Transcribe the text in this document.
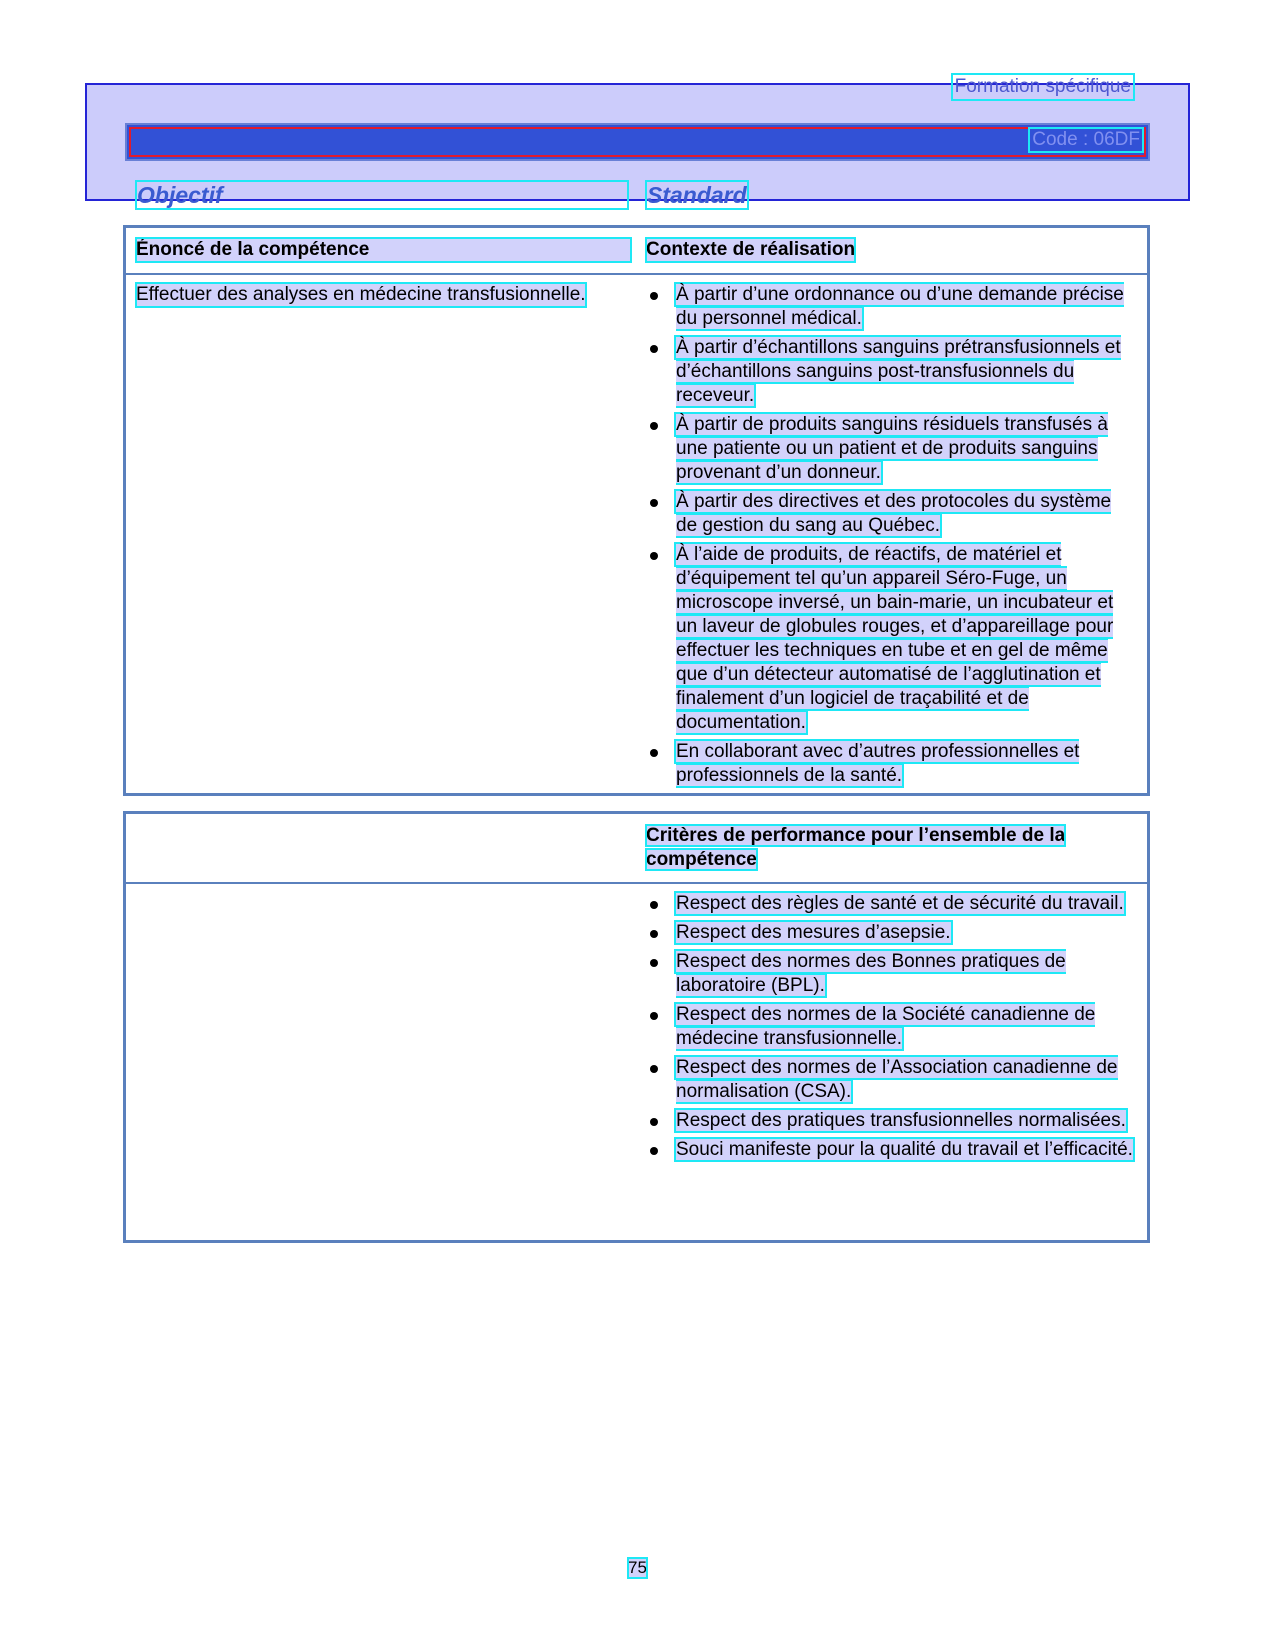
Formation spécifique
Code : 06DF
Objectif	Standard
Énoncé de la compétence	Contexte de réalisation
Effectuer des analyses en médecine transfusionnelle.	À partir d’une ordonnance ou d’une demande précise du personnel médical.
À partir d’échantillons sanguins prétransfusionnels et d’échantillons sanguins post-transfusionnels du receveur.
À partir de produits sanguins résiduels transfusés à une patiente ou un patient et de produits sanguins provenant d’un donneur.
À partir des directives et des protocoles du système de gestion du sang au Québec.
À l’aide de produits, de réactifs, de matériel et d’équipement tel qu’un appareil Séro-Fuge, un microscope inversé, un bain-marie, un incubateur et un laveur de globules rouges, et d’appareillage pour effectuer les techniques en tube et en gel de même que d’un détecteur automatisé de l’agglutination et finalement d’un logiciel de traçabilité et de documentation.
En collaborant avec d’autres professionnelles et professionnels de la santé.
Critères de performance pour l’ensemble de la compétence
Respect des règles de santé et de sécurité du travail.
Respect des mesures d’asepsie.
Respect des normes des Bonnes pratiques de laboratoire (BPL).
Respect des normes de la Société canadienne de médecine transfusionnelle.
Respect des normes de l’Association canadienne de normalisation (CSA).
Respect des pratiques transfusionnelles normalisées.
Souci manifeste pour la qualité du travail et l’efficacité.
75
